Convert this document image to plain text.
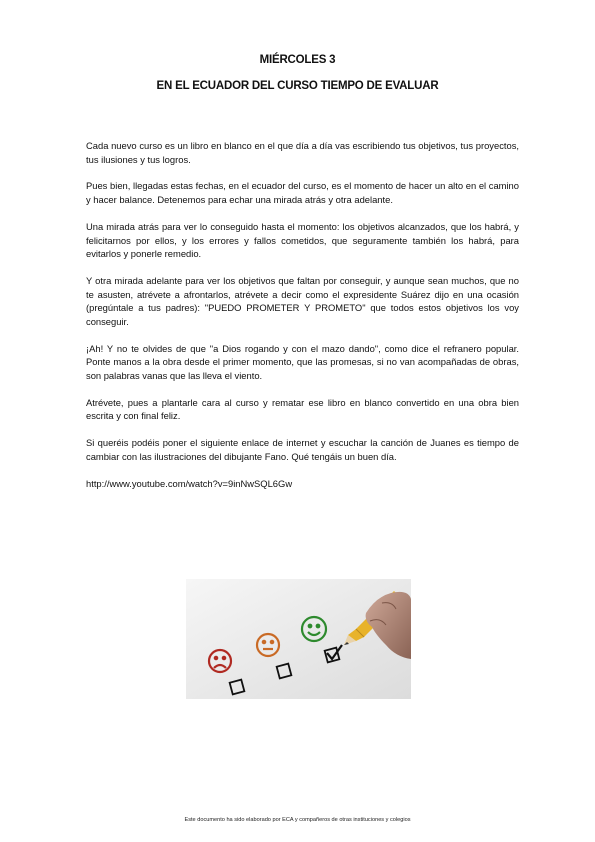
MIÉRCOLES 3
EN EL ECUADOR DEL CURSO TIEMPO DE EVALUAR

Cada nuevo curso es un libro en blanco en el que día a día vas escribiendo tus objetivos, tus proyectos, tus ilusiones y tus logros.

Pues bien, llegadas estas fechas, en el ecuador del curso, es el momento de hacer un alto en el camino y hacer balance. Detenemos para echar una mirada atrás y otra adelante.

Una mirada atrás para ver lo conseguido hasta el momento: los objetivos alcanzados, que los habrá, y felicitarnos por ellos, y los errores y fallos cometidos, que seguramente también los habrá, para evitarlos y ponerle remedio.

Y otra mirada adelante para ver los objetivos que faltan por conseguir, y aunque sean muchos, que no te asusten, atrévete a afrontarlos, atrévete a decir como el expresidente Suárez dijo en una ocasión (pregúntale a tus padres): "PUEDO PROMETER Y PROMETO" que todos estos objetivos los voy conseguir.

¡Ah! Y no te olvides de que "a Dios rogando y con el mazo dando", como dice el refranero popular. Ponte manos a la obra desde el primer momento, que las promesas, si no van acompañadas de obras, son palabras vanas que las lleva el viento.

Atrévete, pues a plantarle cara al curso y rematar ese libro en blanco convertido en una obra bien escrita y con final feliz.

Si queréis podéis poner el siguiente enlace de internet y escuchar la canción de Juanes es tiempo de cambiar con las ilustraciones del dibujante Fano. Qué tengáis un buen día.

http://www.youtube.com/watch?v=9inNwSQL6Gw

Este documento ha sido elaborado por ECA y compañeros de otras instituciones y colegios
